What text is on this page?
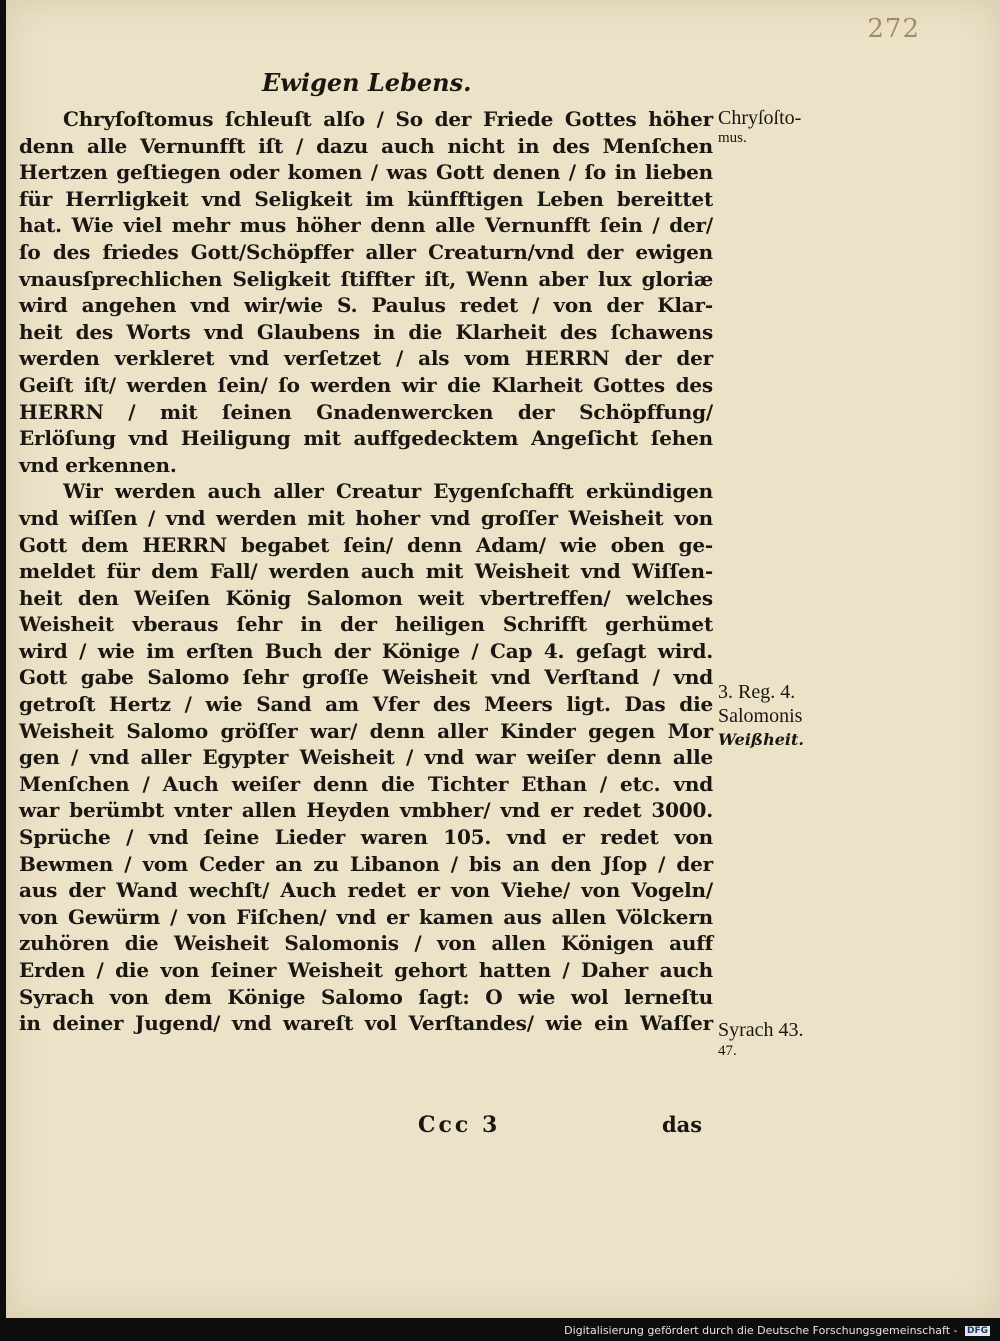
272
Ewigen Lebens.
Chryſoſtomus ſchleuſt alſo / So der Friede Gottes höher
denn alle Vernunfft iſt / dazu auch nicht in des Menſchen
Hertzen geſtiegen oder komen / was Gott denen / ſo in lieben
für Herrligkeit vnd Seligkeit im künfftigen Leben bereittet
hat. Wie viel mehr mus höher denn alle Vernunfft ſein / der/
ſo des friedes Gott/Schöpffer aller Creaturn/vnd der ewigen
vnausſprechlichen Seligkeit ſtiffter iſt, Wenn aber lux gloriæ
wird angehen vnd wir/wie S. Paulus redet / von der Klar-
heit des Worts vnd Glaubens in die Klarheit des ſchawens
werden verkleret vnd verſetzet / als vom HERRN der der
Geiſt iſt/ werden ſein/ ſo werden wir die Klarheit Gottes des
HERRN / mit ſeinen Gnadenwercken der Schöpffung/
Erlöſung vnd Heiligung mit auffgedecktem Angeſicht ſehen
vnd erkennen.
Wir werden auch aller Creatur Eygenſchafft erkündigen
vnd wiſſen / vnd werden mit hoher vnd groſſer Weisheit von
Gott dem HERRN begabet ſein/ denn Adam/ wie oben ge-
meldet für dem Fall/ werden auch mit Weisheit vnd Wiſſen-
heit den Weiſen König Salomon weit vbertreffen/ welches
Weisheit vberaus ſehr in der heiligen Schrifft gerhümet
wird / wie im erſten Buch der Könige / Cap 4. geſagt wird.
Gott gabe Salomo ſehr groſſe Weisheit vnd Verſtand / vnd
getroſt Hertz / wie Sand am Vfer des Meers ligt. Das die
Weisheit Salomo gröſſer war/ denn aller Kinder gegen Mor
gen / vnd aller Egypter Weisheit / vnd war weiſer denn alle
Menſchen / Auch weiſer denn die Tichter Ethan / etc. vnd
war berümbt vnter allen Heyden vmbher/ vnd er redet 3000.
Sprüche / vnd ſeine Lieder waren 105. vnd er redet von
Bewmen / vom Ceder an zu Libanon / bis an den Jſop / der
aus der Wand wechſt/ Auch redet er von Viehe/ von Vogeln/
von Gewürm / von Fiſchen/ vnd er kamen aus allen Völckern
zuhören die Weisheit Salomonis / von allen Königen auff
Erden / die von ſeiner Weisheit gehort hatten / Daher auch
Syrach von dem Könige Salomo ſagt: O wie wol lerneſtu
in deiner Jugend/ vnd wareſt vol Verſtandes/ wie ein Waſſer
Chryſoſto-
mus.
3. Reg. 4.
Salomonis
Weißheit.
Syrach 43.
47.
Ccc 3	das
Digitalisierung gefördert durch die Deutsche Forschungsgemeinschaft - DFG
